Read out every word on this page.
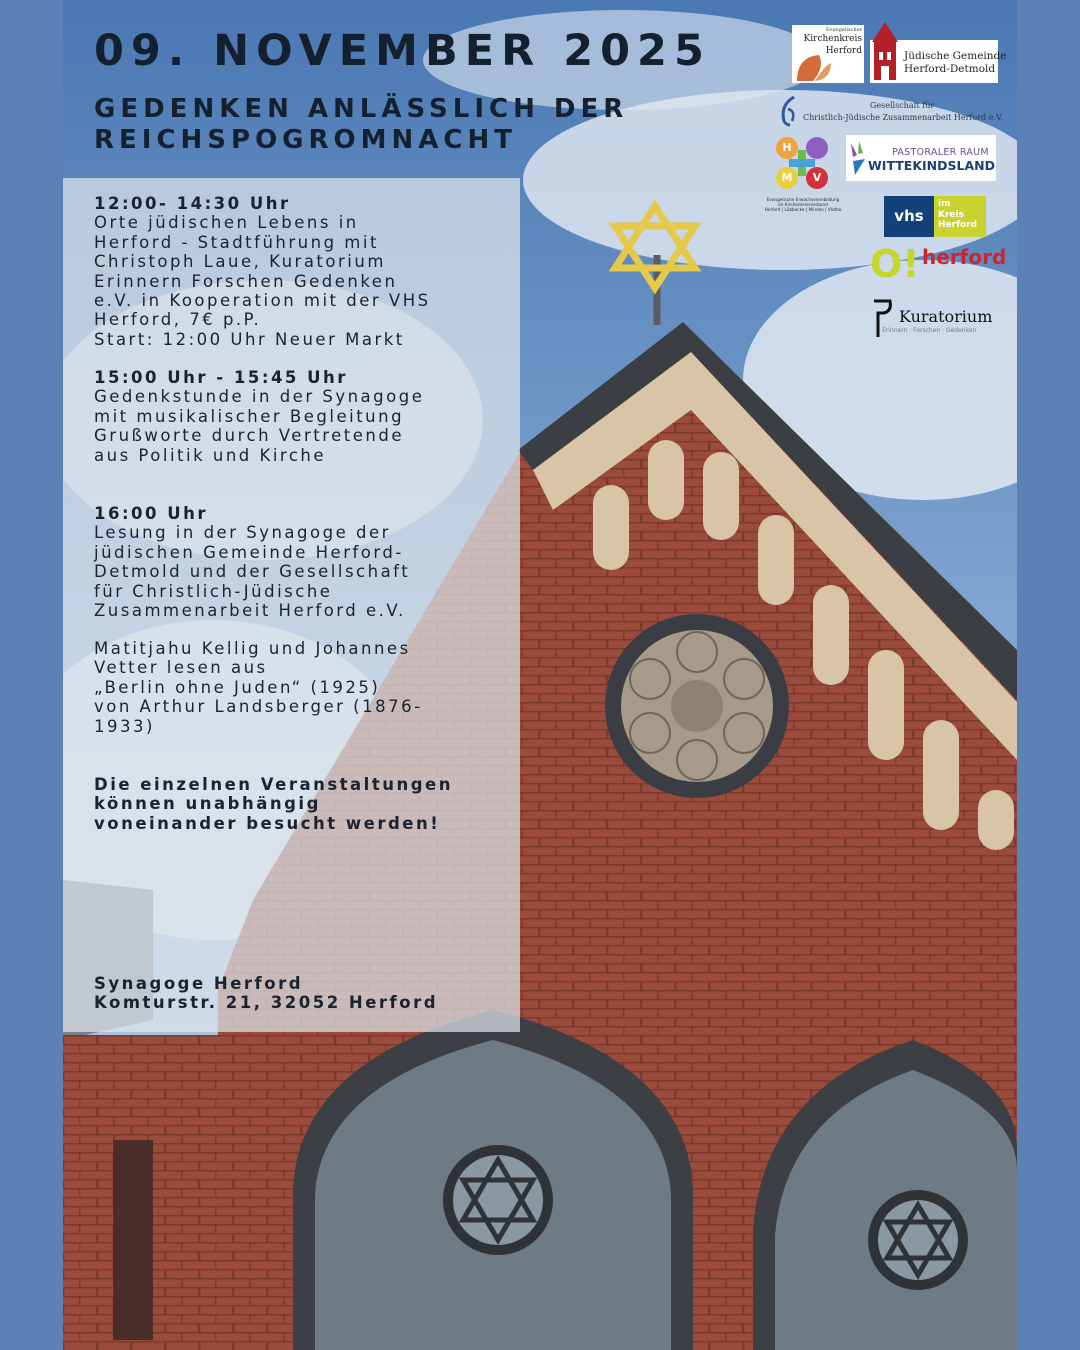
09. NOVEMBER 2025
GEDENKEN ANLÄSSLICH DER
REICHSPOGROMNACHT
12:00- 14:30 Uhr
Orte jüdischen Lebens in
Herford - Stadtführung mit
Christoph Laue, Kuratorium
Erinnern Forschen Gedenken
e.V. in Kooperation mit der VHS
Herford, 7€ p.P.
Start: 12:00 Uhr Neuer Markt
15:00 Uhr - 15:45 Uhr
Gedenkstunde in der Synagoge
mit musikalischer Begleitung
Grußworte durch Vertretende
aus Politik und Kirche
16:00 Uhr
Lesung in der Synagoge der
jüdischen Gemeinde Herford-
Detmold und der Gesellschaft
für Christlich-Jüdische
Zusammenarbeit Herford e.V.
Matitjahu Kellig und Johannes
Vetter lesen aus
„Berlin ohne Juden“ (1925)
von Arthur Landsberger (1876-
1933)
Die einzelnen Veranstaltungen
können unabhängig
voneinander besucht werden!
Synagoge Herford
Komturstr. 21, 32052 Herford
Evangelischer
Kirchenkreis
Herford	Jüdische Gemeinde
Herford-Detmold
Gesellschaft für
Christlich-Jüdische Zusammenarbeit Herford e.V.
H
M	V
Evangelische Erwachsenenbildung
im Kirchenkreisverband
Herford | Lübbecke | Minden | Vlotho
PASTORALER RAUM
WITTEKINDSLAND
vhs
im
Kreis
Herford
O! herford
Kuratorium
Erinnern · Forschen · Gedenken
